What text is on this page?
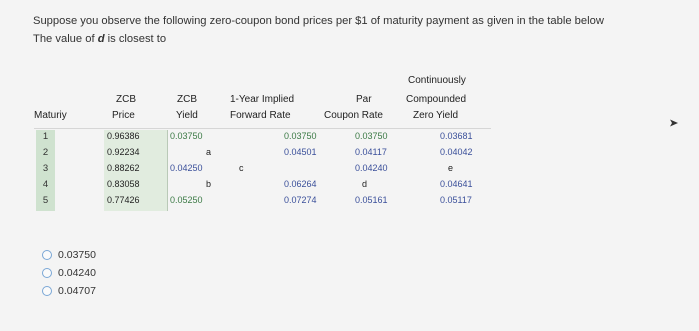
Suppose you observe the following zero-coupon bond prices per $1 of maturity payment as given in the table below
The value of d is closest to
Maturiy
ZCB
Price
ZCB
Yield
1-Year Implied
Forward Rate
Par
Coupon Rate
Continuously
Compounded
Zero Yield
1	0.96386	0.03750	0.03750	0.03750	0.03681
2	0.92234	a	0.04501	0.04117	0.04042
3	0.88262	0.04250	c	0.04240	e
4	0.83058	b	0.06264	d	0.04641
5	0.77426	0.05250	0.07274	0.05161	0.05117
0.03750
0.04240
0.04707
